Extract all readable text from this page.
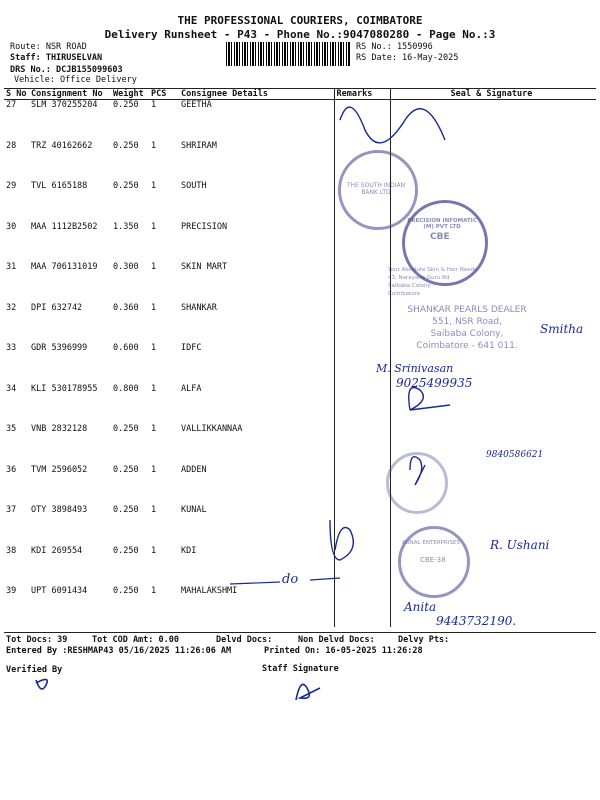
THE PROFESSIONAL COURIERS, COIMBATORE
Delivery Runsheet - P43 - Phone No.:9047080280 - Page No.:3
Route: NSR ROAD
Staff: THIRUSELVAN
DRS No.: DCJB155099603
Vehicle: Office Delivery
RS No.: 1550996
RS Date: 16-May-2025
S No	Consignment No	Weight	PCS	Consignee Details	Remarks	Seal & Signature
27	SLM 370255204	0.250	1	GEETHA		
28	TRZ 40162662	0.250	1	SHRIRAM		
29	TVL 6165188	0.250	1	SOUTH		
30	MAA 1112B2502	1.350	1	PRECISION		
31	MAA 706131019	0.300	1	SKIN MART		
32	DPI 632742	0.360	1	SHANKAR		
33	GDR 5396999	0.600	1	IDFC		
34	KLI 530178955	0.800	1	ALFA		
35	VNB 2832128	0.250	1	VALLIKKANNAA		
36	TVM 2596052	0.250	1	ADDEN		
37	OTY 3898493	0.250	1	KUNAL		
38	KDI 269554	0.250	1	KDI		
39	UPT 6091434	0.250	1	MAHALAKSHMI		
THE SOUTH INDIAN BANK LTD
PRECISION INFOMATIC (M) PVT LTD
CBE
Your Absolute Skin & Hair Needs
43, Narayana Guru Rd
Saibaba Colony
Coimbatore
SHANKAR PEARLS DEALER
551, NSR Road,
Saibaba Colony,
Coimbatore - 641 011.
KUNAL ENTERPRISES
CBE-38
M. Srinivasan
9025499935
9840586621
R. Ushani
Anita
9443732190.
Smitha
do
Tot Docs: 39	Tot COD Amt: 0.00	Delvd Docs:	Non Delvd Docs:	Delvy Pts:
Entered By :RESHMAP43 05/16/2025 11:26:06 AM	Printed On: 16-05-2025 11:26:28
Verified By	Staff Signature
